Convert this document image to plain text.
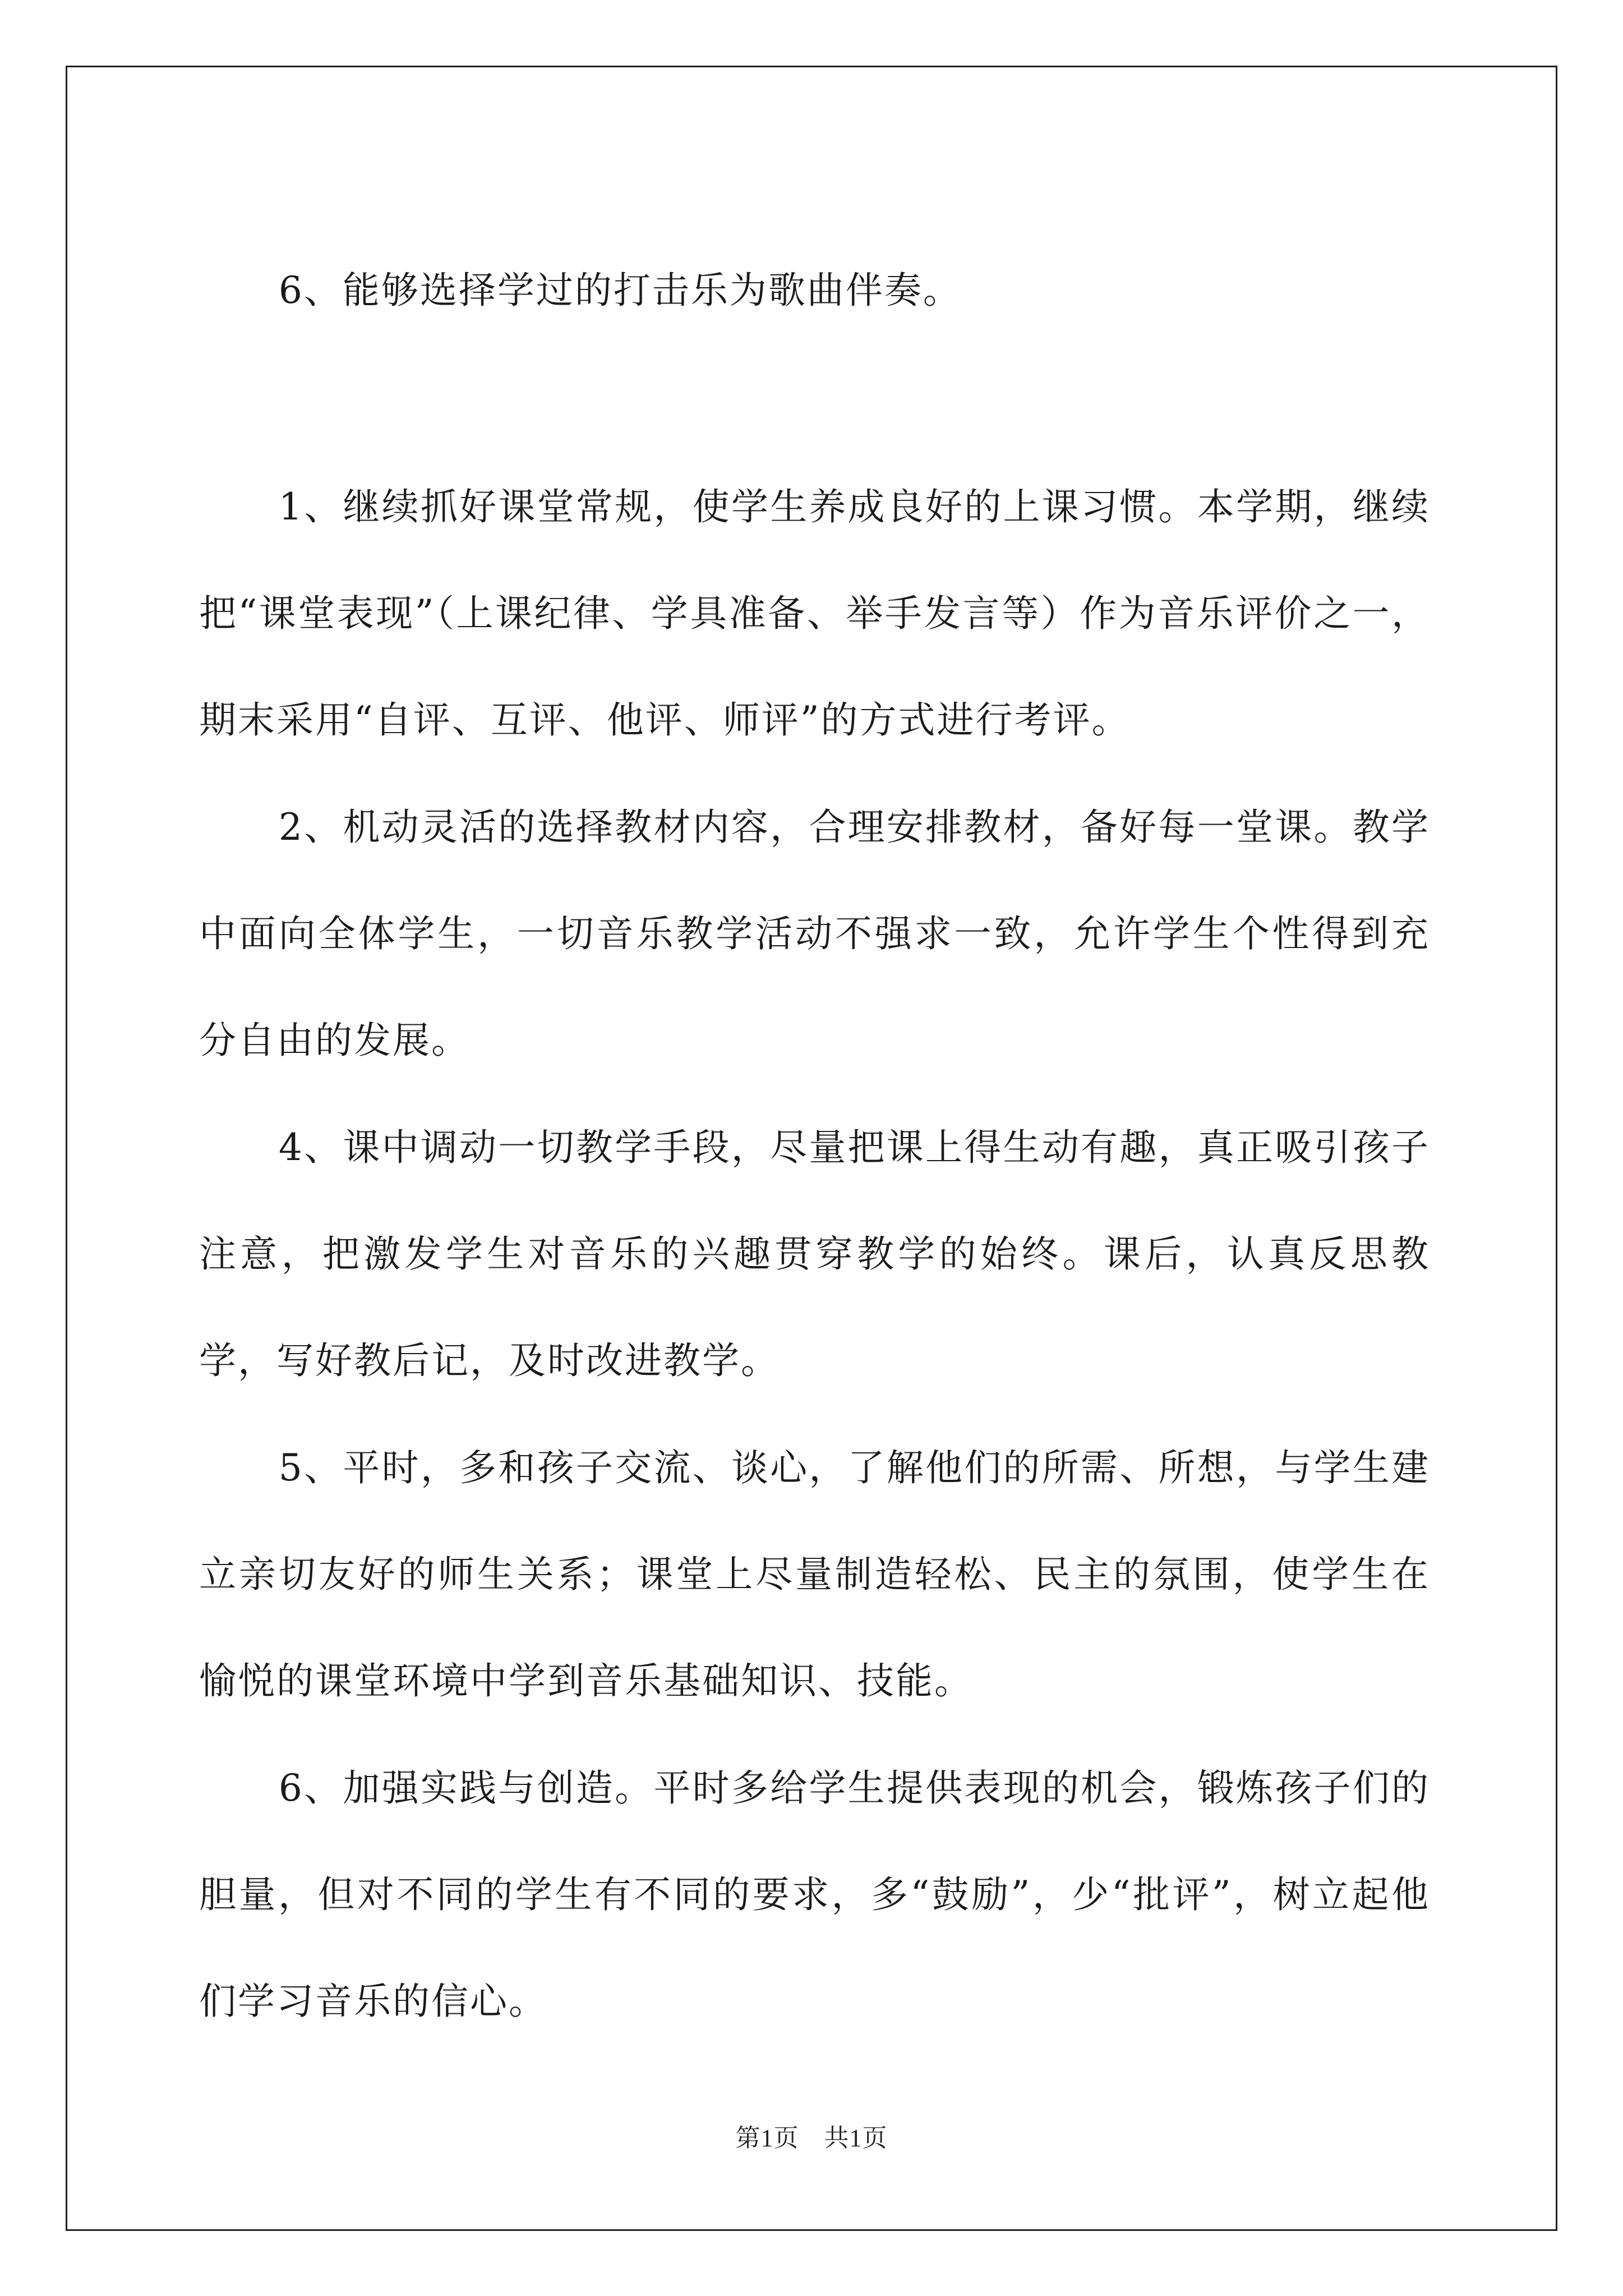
6、能够选择学过的打击乐为歌曲伴奏。

1、继续抓好课堂常规，使学生养成良好的上课习惯。本学期，继续把“课堂表现”（上课纪律、学具准备、举手发言等）作为音乐评价之一，期末采用“自评、互评、他评、师评”的方式进行考评。

2、机动灵活的选择教材内容，合理安排教材，备好每一堂课。教学中面向全体学生，一切音乐教学活动不强求一致，允许学生个性得到充分自由的发展。

4、课中调动一切教学手段，尽量把课上得生动有趣，真正吸引孩子注意，把激发学生对音乐的兴趣贯穿教学的始终。课后，认真反思教学，写好教后记，及时改进教学。

5、平时，多和孩子交流、谈心，了解他们的所需、所想，与学生建立亲切友好的师生关系；课堂上尽量制造轻松、民主的氛围，使学生在愉悦的课堂环境中学到音乐基础知识、技能。

6、加强实践与创造。平时多给学生提供表现的机会，锻炼孩子们的胆量，但对不同的学生有不同的要求，多“鼓励”，少“批评”，树立起他们学习音乐的信心。

第1页　共1页
